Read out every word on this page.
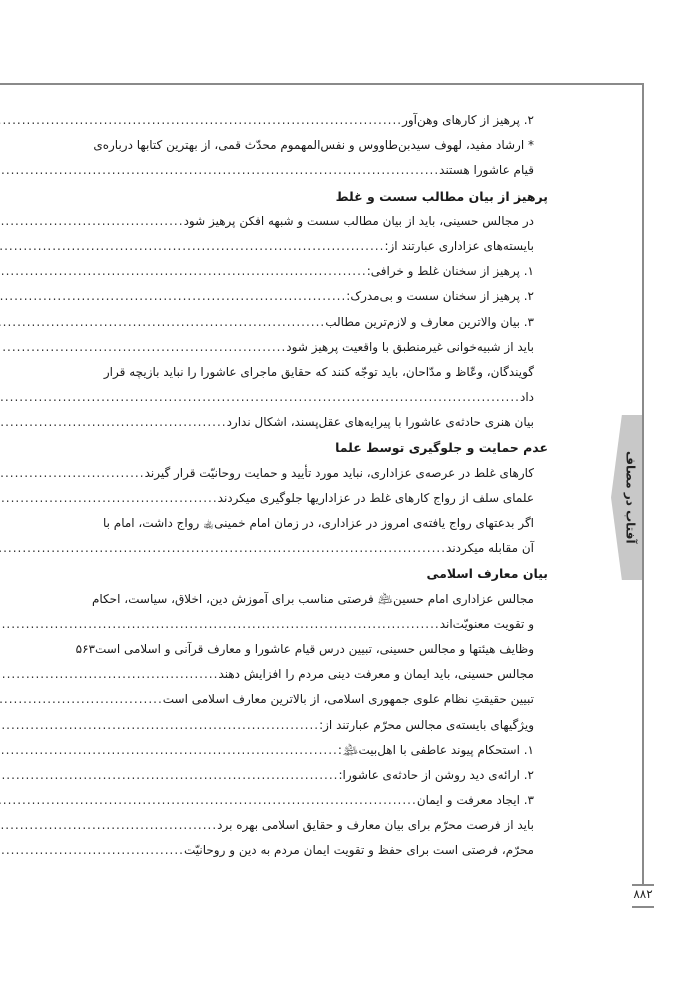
آفتاب در مصاف
۸۸۲
۲. پرهیز از کارهای وهن‌آور
.....
* ارشاد مفید، لهوف سیدبن‌طاووس و نفس‌المهموم محدّث قمی، از بهترین کتابها درباره‌ی
قیام عاشورا هستند
.....
پرهیز از بیان مطالب سست و غلط
در مجالس حسینی، باید از بیان مطالب سست و شبهه افکن پرهیز شود
.....
بایسته‌های عزاداری عبارتند از:
.....
۱. پرهیز از سخنان غلط و خرافی:
.....
۲. پرهیز از سخنان سست و بی‌مدرک:
.....
۳. بیان والاترین معارف و لازم‌ترین مطالب
.....
باید از شبیه‌خوانی غیرمنطبق با واقعیت پرهیز شود
.....
گویندگان، وعّاظ و مدّاحان، باید توجّه کنند که حقایق ماجرای عاشورا را نباید بازیچه قرار
داد
.....
بیان هنری حادثه‌ی عاشورا با پیرایه‌های عقل‌پسند، اشکال ندارد
.....
عدم حمایت و جلوگیری توسط علما
کارهای غلط در عرصه‌ی عزاداری، نباید مورد تأیید و حمایت روحانیّت قرار گیرند
.....
علمای سلف از رواج کارهای غلط در عزاداریها جلوگیری میکردند
.....
اگر بدعتهای رواج یافته‌ی امروز در عزاداری، در زمان امام خمینی﵀ رواج داشت، امام با
آن مقابله میکردند
.....
بیان معارف اسلامی
مجالس عزاداری امام حسین﵇ فرصتی مناسب برای آموزش دین، اخلاق، سیاست، احکام
و تقویت معنویّت‌اند
.....
وظایف هیئتها و مجالس حسینی، تبیین درس قیام عاشورا و معارف قرآنی و اسلامی است
۵۶۳
مجالس حسینی، باید ایمان و معرفت دینی مردم را افزایش دهند
.....
تبیین حقیقتِ نظام علوی جمهوری اسلامی، از بالاترین معارف اسلامی است
.....
ویژگیهای بایسته‌ی مجالس محرّم عبارتند از:
.....
۱. استحکام پیوند عاطفی با اهل‌بیت﵈:
.....
۲. ارائه‌ی دید روشن از حادثه‌ی عاشورا:
.....
۳. ایجاد معرفت و ایمان
.....
باید از فرصت محرّم برای بیان معارف و حقایق اسلامی بهره برد
.....
محرّم، فرصتی است برای حفظ و تقویت ایمان مردم به دین و روحانیّت
.....
